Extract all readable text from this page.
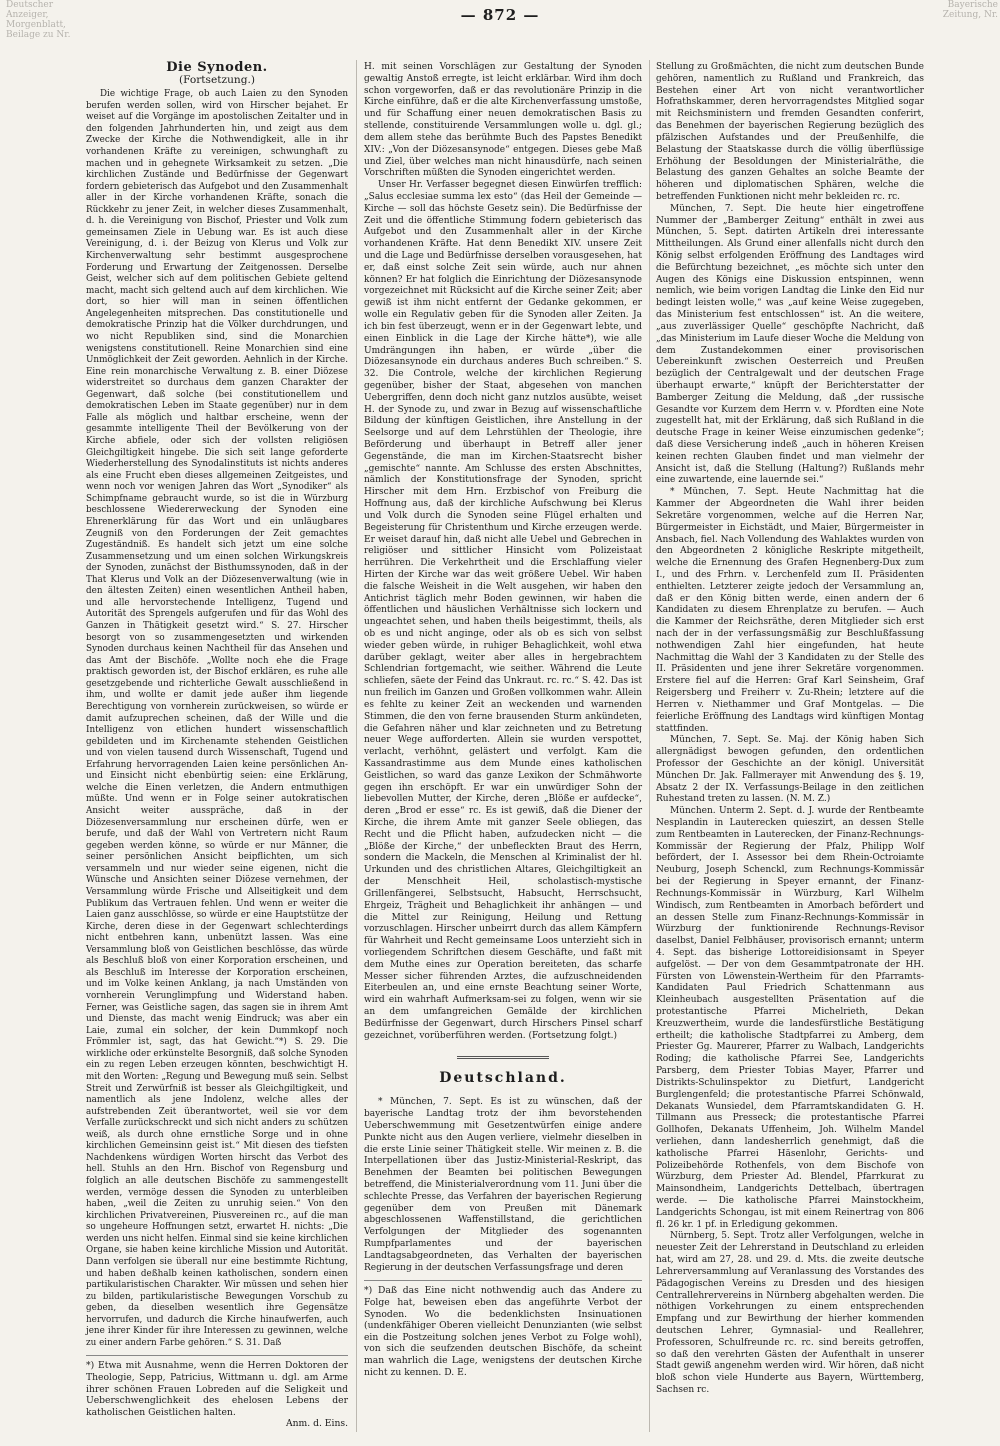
Deutscher Anzeiger, Morgenblatt, Beilage zu Nr.
Bayerische Zeitung, Nr.
— 872 —
Die Synoden.
(Fortsetzung.)

Die wichtige Frage, ob auch Laien zu den Synoden berufen werden sollen, wird von Hirscher bejahet. Er weiset auf die Vorgänge im apostolischen Zeitalter und in den folgenden Jahrhunderten hin, und zeigt aus dem Zwecke der Kirche die Nothwendigkeit, alle in ihr vorhandenen Kräfte zu vereinigen, schwunghaft zu machen und in gehegnete Wirksamkeit zu setzen. „Die kirchlichen Zustände und Bedürfnisse der Gegenwart fordern gebieterisch das Aufgebot und den Zusammenhalt aller in der Kirche vorhandenen Kräfte, sonach die Rückkehr zu jener Zeit, in welcher dieses Zusammenhalt, d. h. die Vereinigung von Bischof, Priester und Volk zum gemeinsamen Ziele in Uebung war. Es ist auch diese Vereinigung, d. i. der Beizug von Klerus und Volk zur Kirchenverwaltung sehr bestimmt ausgesprochene Forderung und Erwartung der Zeitgenossen. Derselbe Geist, welcher sich auf dem politischen Gebiete geltend macht, macht sich geltend auch auf dem kirchlichen. Wie dort, so hier will man in seinen öffentlichen Angelegenheiten mitsprechen. Das constitutionelle und demokratische Prinzip hat die Völker durchdrungen, und wo nicht Republiken sind, sind die Monarchien wenigstens constitutionell. Reine Monarchien sind eine Unmöglichkeit der Zeit geworden. Aehnlich in der Kirche. Eine rein monarchische Verwaltung z. B. einer Diözese widerstreitet so durchaus dem ganzen Charakter der Gegenwart, daß solche (bei constitutionellem und demokratischen Leben im Staate gegenüber) nur in dem Falle als möglich und haltbar erscheine, wenn der gesammte intelligente Theil der Bevölkerung von der Kirche abfiele, oder sich der vollsten religiösen Gleichgiltigkeit hingebe. Die sich seit lange geforderte Wiederherstellung des Synodalinstituts ist nichts anderes als eine Frucht eben dieses allgemeinen Zeitgeistes, und wenn noch vor wenigen Jahren das Wort „Synodiker“ als Schimpfname gebraucht wurde, so ist die in Würzburg beschlossene Wiedererweckung der Synoden eine Ehrenerklärung für das Wort und ein unläugbares Zeugniß von den Forderungen der Zeit gemachtes Zugeständniß. Es handelt sich jetzt um eine solche Zusammensetzung und um einen solchen Wirkungskreis der Synoden, zunächst der Bisthumssynoden, daß in der That Klerus und Volk an der Diözesenverwaltung (wie in den ältesten Zeiten) einen wesentlichen Antheil haben, und alle hervorstechende Intelligenz, Tugend und Autorität des Sprengels aufgerufen und für das Wohl des Ganzen in Thätigkeit gesetzt wird.“ S. 27. Hirscher besorgt von so zusammengesetzten und wirkenden Synoden durchaus keinen Nachtheil für das Ansehen und das Amt der Bischöfe. „Wollte noch ehe die Frage praktisch geworden ist, der Bischof erklären, es ruhe alle gesetzgebende und richterliche Gewalt ausschließend in ihm, und wollte er damit jede außer ihm liegende Berechtigung von vornherein zurückweisen, so würde er damit aufzuprechen scheinen, daß der Wille und die Intelligenz von etlichen hundert wissenschaftlich gebildeten und im Kirchenamte stehenden Geistlichen und von vielen tausend durch Wissenschaft, Tugend und Erfahrung hervorragenden Laien keine persönlichen An- und Einsicht nicht ebenbürtig seien: eine Erklärung, welche die Einen verletzen, die Andern entmuthigen müßte. Und wenn er in Folge seiner autokratischen Ansicht weiter ausspräche, daß in der Diözesenversammlung nur erscheinen dürfe, wen er berufe, und daß der Wahl von Vertretern nicht Raum gegeben werden könne, so würde er nur Männer, die seiner persönlichen Ansicht beipflichten, um sich versammeln und nur wieder seine eigenen, nicht die Wünsche und Ansichten seiner Diözese vernehmen, der Versammlung würde Frische und Allseitigkeit und dem Publikum das Vertrauen fehlen. Und wenn er weiter die Laien ganz ausschlösse, so würde er eine Hauptstütze der Kirche, deren diese in der Gegenwart schlechterdings nicht entbehren kann, unbenützt lassen. Was eine Versammlung bloß von Geistlichen beschlösse, das würde als Beschluß bloß von einer Korporation erscheinen, und als Beschluß im Interesse der Korporation erscheinen, und im Volke keinen Anklang, ja nach Umständen von vornherein Verunglimpfung und Widerstand haben. Ferner, was Geistliche sagen, das sagen sie in ihrem Amt und Dienste, das macht wenig Eindruck; was aber ein Laie, zumal ein solcher, der kein Dummkopf noch Frömmler ist, sagt, das hat Gewicht.“*) S. 29. Die wirkliche oder erkünstelte Besorgniß, daß solche Synoden ein zu regen Leben erzeugen könnten, beschwichtigt H. mit den Worten: „Regung und Bewegung muß sein. Selbst Streit und Zerwürfniß ist besser als Gleichgiltigkeit, und namentlich als jene Indolenz, welche alles der aufstrebenden Zeit überantwortet, weil sie vor dem Verfalle zurückschreckt und sich nicht anders zu schützen weiß, als durch ohne ernstliche Sorge und in ohne kirchlichen Gemeinsinn geist ist.“ Mit diesen des tiefsten Nachdenkens würdigen Worten hirscht das Verbot des hell. Stuhls an den Hrn. Bischof von Regensburg und folglich an alle deutschen Bischöfe zu sammengestellt werden, vermöge dessen die Synoden zu unterbleiben haben, „weil die Zeiten zu unruhig seien.“ Von den kirchlichen Privatvereinen, Piusvereinen rc., auf die man so ungeheure Hoffnungen setzt, erwartet H. nichts: „Die werden uns nicht helfen. Einmal sind sie keine kirchlichen Organe, sie haben keine kirchliche Mission und Autorität. Dann verfolgen sie überall nur eine bestimmte Richtung, und haben deßhalb keinen katholischen, sondern einen partikularistischen Charakter. Wir müssen und sehen hier zu bilden, partikularistische Bewegungen Vorschub zu geben, da dieselben wesentlich ihre Gegensätze hervorrufen, und dadurch die Kirche hinaufwerfen, auch jene ihrer Kinder für ihre Interessen zu gewinnen, welche zu einer andern Farbe gehören.“ S. 31. Daß

*) Etwa mit Ausnahme, wenn die Herren Doktoren der Theologie, Sepp, Patricius, Wittmann u. dgl. am Arme ihrer schönen Frauen Lobreden auf die Seligkeit und Ueberschwenglichkeit des ehelosen Lebens der katholischen Geistlichen halten.
Anm. d. Eins.

H. mit seinen Vorschlägen zur Gestaltung der Synoden gewaltig Anstoß erregte, ist leicht erklärbar. Wird ihm doch schon vorgeworfen, daß er das revolutionäre Prinzip in die Kirche einführe, daß er die alte Kirchenverfassung umstoße, und für Schaffung einer neuen demokratischen Basis zu stellende, constituirende Versammlungen wolle u. dgl. gl.; dem allem stehe das berühmte Buch des Papstes Benedikt XIV.: „Von der Diözesansynode“ entgegen. Dieses gebe Maß und Ziel, über welches man nicht hinausdürfe, nach seinen Vorschriften müßten die Synoden eingerichtet werden.

Unser Hr. Verfasser begegnet diesen Einwürfen trefflich: „Salus ecclesiae summa lex esto“ (das Heil der Gemeinde — Kirche — soll das höchste Gesetz sein). Die Bedürfnisse der Zeit und die öffentliche Stimmung fodern gebieterisch das Aufgebot und den Zusammenhalt aller in der Kirche vorhandenen Kräfte. Hat denn Benedikt XIV. unsere Zeit und die Lage und Bedürfnisse derselben vorausgesehen, hat er, daß einst solche Zeit sein würde, auch nur ahnen können? Er hat folglich die Einrichtung der Diözesansynode vorgezeichnet mit Rücksicht auf die Kirche seiner Zeit; aber gewiß ist ihm nicht entfernt der Gedanke gekommen, er wolle ein Regulativ geben für die Synoden aller Zeiten. Ja ich bin fest überzeugt, wenn er in der Gegenwart lebte, und einen Einblick in die Lage der Kirche hätte*), wie alle Umdrängungen ihn haben, er würde „über die Diözesansynode ein durchaus anderes Buch schreiben.“ S. 32. Die Controle, welche der kirchlichen Regierung gegenüber, bisher der Staat, abgesehen von manchen Uebergriffen, denn doch nicht ganz nutzlos ausübte, weiset H. der Synode zu, und zwar in Bezug auf wissenschaftliche Bildung der künftigen Geistlichen, ihre Anstellung in der Seelsorge und auf dem Lehrstühlen der Theologie, ihre Beförderung und überhaupt in Betreff aller jener Gegenstände, die man im Kirchen-Staatsrecht bisher „gemischte“ nannte. Am Schlusse des ersten Abschnittes, nämlich der Konstitutionsfrage der Synoden, spricht Hirscher mit dem Hrn. Erzbischof von Freiburg die Hoffnung aus, daß der kirchliche Aufschwung bei Klerus und Volk durch die Synoden seine Flügel erhalten und Begeisterung für Christenthum und Kirche erzeugen werde. Er weiset darauf hin, daß nicht alle Uebel und Gebrechen in religiöser und sittlicher Hinsicht vom Polizeistaat herrühren. Die Verkehrtheit und die Erschlaffung vieler Hirten der Kirche war das weit größere Uebel. Wir haben die falsche Weisheit in die Welt ausgehen, wir haben den Antichrist täglich mehr Boden gewinnen, wir haben die öffentlichen und häuslichen Verhältnisse sich lockern und ungeachtet sehen, und haben theils beigestimmt, theils, als ob es und nicht anginge, oder als ob es sich von selbst wieder geben würde, in ruhiger Behaglichkeit, wohl etwa darüber geklagt, weiter aber alles in hergebrachtem Schlendrian fortgemacht, wie seither. Während die Leute schliefen, säete der Feind das Unkraut. rc. rc.“ S. 42. Das ist nun freilich im Ganzen und Großen vollkommen wahr. Allein es fehlte zu keiner Zeit an weckenden und warnenden Stimmen, die den von ferne brausenden Sturm ankündeten, die Gefahren näher und klar zeichneten und zu Betretung neuer Wege aufforderten. Allein sie wurden verspottet, verlacht, verhöhnt, gelästert und verfolgt. Kam die Kassandrastimme aus dem Munde eines katholischen Geistlichen, so ward das ganze Lexikon der Schmähworte gegen ihn erschöpft. Er war ein unwürdiger Sohn der liebevollen Mutter, der Kirche, deren „Blöße er aufdecke“, deren „Brod er esse“ rc. Es ist gewiß, daß die Diener der Kirche, die ihrem Amte mit ganzer Seele obliegen, das Recht und die Pflicht haben, aufzudecken nicht — die „Blöße der Kirche,“ der unbefleckten Braut des Herrn, sondern die Mackeln, die Menschen al Kriminalist der hl. Urkunden und des christlichen Altares, Gleichgiltigkeit an der Menschheit Heil, scholastisch-mystische Grillenfängerei, Selbstsucht, Habsucht, Herrschsucht, Ehrgeiz, Trägheit und Behaglichkeit ihr anhängen — und die Mittel zur Reinigung, Heilung und Rettung vorzuschlagen. Hirscher unbeirrt durch das allem Kämpfern für Wahrheit und Recht gemeinsame Loos unterzieht sich in vorliegendem Schriftchen diesem Geschäfte, und faßt mit dem Muthe eines zur Operation bereiteten, das scharfe Messer sicher führenden Arztes, die aufzuschneidenden Eiterbeulen an, und eine ernste Beachtung seiner Worte, wird ein wahrhaft Aufmerksam-sei zu folgen, wenn wir sie an dem umfangreichen Gemälde der kirchlichen Bedürfnisse der Gegenwart, durch Hirschers Pinsel scharf gezeichnet, vorüberführen werden. (Fortsetzung folgt.)

Deutschland.

* München, 7. Sept. Es ist zu wünschen, daß der bayerische Landtag trotz der ihm bevorstehenden Ueberschwemmung mit Gesetzentwürfen einige andere Punkte nicht aus den Augen verliere, vielmehr dieselben in die erste Linie seiner Thätigkeit stelle. Wir meinen z. B. die Interpellationen über das Justiz-Ministerial-Reskript, das Benehmen der Beamten bei politischen Bewegungen betreffend, die Ministerialverordnung vom 11. Juni über die schlechte Presse, das Verfahren der bayerischen Regierung gegenüber dem von Preußen mit Dänemark abgeschlossenen Waffenstillstand, die gerichtlichen Verfolgungen der Mitglieder des sogenannten Rumpfparlamentes und der bayerischen Landtagsabgeordneten, das Verhalten der bayerischen Regierung in der deutschen Verfassungsfrage und deren

*) Daß das Eine nicht nothwendig auch das Andere zu Folge hat, beweisen eben das angeführte Verbot der Synoden. Wo die bedenklichsten Insinuationen (undenkfähiger Oberen vielleicht Denunzianten (wie selbst ein die Postzeitung solchen jenes Verbot zu Folge wohl), von sich die seufzenden deutschen Bischöfe, da scheint man wahrlich die Lage, wenigstens der deutschen Kirche nicht zu kennen. D. E.

Stellung zu Großmächten, die nicht zum deutschen Bunde gehören, namentlich zu Rußland und Frankreich, das Bestehen einer Art von nicht verantwortlicher Hofrathskammer, deren hervorragendstes Mitglied sogar mit Reichsministern und fremden Gesandten conferirt, das Benehmen der bayerischen Regierung bezüglich des pfälzischen Aufstandes und der Preußenhilfe, die Belastung der Staatskasse durch die völlig überflüssige Erhöhung der Besoldungen der Ministerialräthe, die Belastung des ganzen Gehaltes an solche Beamte der höheren und diplomatischen Sphären, welche die betreffenden Funktionen nicht mehr bekleiden rc. rc.

München, 7. Sept. Die heute hier eingetroffene Nummer der „Bamberger Zeitung“ enthält in zwei aus München, 5. Sept. datirten Artikeln drei interessante Mittheilungen. Als Grund einer allenfalls nicht durch den König selbst erfolgenden Eröffnung des Landtages wird die Befürchtung bezeichnet, „es möchte sich unter den Augen des Königs eine Diskussion entspinnen, wenn nemlich, wie beim vorigen Landtag die Linke den Eid nur bedingt leisten wolle,“ was „auf keine Weise zugegeben, das Ministerium fest entschlossen“ ist. An die weitere, „aus zuverlässiger Quelle“ geschöpfte Nachricht, daß „das Ministerium im Laufe dieser Woche die Meldung von dem Zustandekommen einer provisorischen Uebereinkunft zwischen Oesterreich und Preußen bezüglich der Centralgewalt und der deutschen Frage überhaupt erwarte,“ knüpft der Berichterstatter der Bamberger Zeitung die Meldung, daß „der russische Gesandte vor Kurzem dem Herrn v. v. Pfordten eine Note zugestellt hat, mit der Erklärung, daß sich Rußland in die deutsche Frage in keiner Weise einzumischen gedenke“; daß diese Versicherung indeß „auch in höheren Kreisen keinen rechten Glauben findet und man vielmehr der Ansicht ist, daß die Stellung (Haltung?) Rußlands mehr eine zuwartende, eine lauernde sei.“

* München, 7. Sept. Heute Nachmittag hat die Kammer der Abgeordneten die Wahl ihrer beiden Sekretäre vorgenommen, welche auf die Herren Nar, Bürgermeister in Eichstädt, und Maier, Bürgermeister in Ansbach, fiel. Nach Vollendung des Wahlaktes wurden von den Abgeordneten 2 königliche Reskripte mitgetheilt, welche die Ernennung des Grafen Hegnenberg-Dux zum I., und des Frhrn. v. Lerchenfeld zum II. Präsidenten enthielten. Letzterer zeigte jedoch der Versammlung an, daß er den König bitten werde, einen andern der 6 Kandidaten zu diesem Ehrenplatze zu berufen. — Auch die Kammer der Reichsräthe, deren Mitglieder sich erst nach der in der verfassungsmäßig zur Beschlußfassung nothwendigen Zahl hier eingefunden, hat heute Nachmittag die Wahl der 3 Kandidaten zu der Stelle des II. Präsidenten und jene ihrer Sekretäre vorgenommen. Erstere fiel auf die Herren: Graf Karl Seinsheim, Graf Reigersberg und Freiherr v. Zu-Rhein; letztere auf die Herren v. Niethammer und Graf Montgelas. — Die feierliche Eröffnung des Landtags wird künftigen Montag stattfinden.

München, 7. Sept. Se. Maj. der König haben Sich allergnädigst bewogen gefunden, den ordentlichen Professor der Geschichte an der königl. Universität München Dr. Jak. Fallmerayer mit Anwendung des §. 19, Absatz 2 der IX. Verfassungs-Beilage in den zeitlichen Ruhestand treten zu lassen. (N. M. Z.)

München. Unterm 2. Sept. d. J. wurde der Rentbeamte Nesplandin in Lauterecken quieszirt, an dessen Stelle zum Rentbeamten in Lauterecken, der Finanz-Rechnungs-Kommissär der Regierung der Pfalz, Philipp Wolf befördert, der I. Assessor bei dem Rhein-Octroiamte Neuburg, Joseph Schenckl, zum Rechnungs-Kommissär bei der Regierung in Speyer ernannt, der Finanz-Rechnungs-Kommissär in Würzburg, Karl Wilhelm Windisch, zum Rentbeamten in Amorbach befördert und an dessen Stelle zum Finanz-Rechnungs-Kommissär in Würzburg der funktionirende Rechnungs-Revisor daselbst, Daniel Felbhäuser, provisorisch ernannt; unterm 4. Sept. das bisherige Lottoreidisionsamt in Speyer aufgelöst. — Der von dem Gesammtpatronate der HH. Fürsten von Löwenstein-Wertheim für den Pfarramts-Kandidaten Paul Friedrich Schattenmann aus Kleinheubach ausgestellten Präsentation auf die protestantische Pfarrei Michelrieth, Dekan Kreuzwertheim, wurde die landesfürstliche Bestätigung ertheilt; die katholische Stadtpfarrei zu Amberg, dem Priester Gg. Maurerer, Pfarrer zu Walbach, Landgerichts Roding; die katholische Pfarrei See, Landgerichts Parsberg, dem Priester Tobias Mayer, Pfarrer und Distrikts-Schulinspektor zu Dietfurt, Landgericht Burglengenfeld; die protestantische Pfarrei Schönwald, Dekanats Wunsiedel, dem Pfarramtskandidaten G. H. Tillmann aus Presseck; die protestantische Pfarrei Gollhofen, Dekanats Uffenheim, Joh. Wilhelm Mandel verliehen, dann landesherrlich genehmigt, daß die katholische Pfarrei Häsenlohr, Gerichts- und Polizeibehörde Rothenfels, von dem Bischofe von Würzburg, dem Priester Ad. Blendel, Pfarrkurat zu Mainsondheim, Landgerichts Dettelbach, übertragen werde. — Die katholische Pfarrei Mainstockheim, Landgerichts Schongau, ist mit einem Reinertrag von 806 fl. 26 kr. 1 pf. in Erledigung gekommen.

Nürnberg, 5. Sept. Trotz aller Verfolgungen, welche in neuester Zeit der Lehrerstand in Deutschland zu erleiden hat, wird am 27, 28. und 29. d. Mts. die zweite deutsche Lehrerversammlung auf Veranlassung des Vorstandes des Pädagogischen Vereins zu Dresden und des hiesigen Centrallehrervereins in Nürnberg abgehalten werden. Die nöthigen Vorkehrungen zu einem entsprechenden Empfang und zur Bewirthung der hierher kommenden deutschen Lehrer, Gymnasial- und Reallehrer, Professoren, Schulfreunde rc. rc. sind bereits getroffen, so daß den verehrten Gästen der Aufenthalt in unserer Stadt gewiß angenehm werden wird. Wir hören, daß nicht bloß schon viele Hunderte aus Bayern, Württemberg, Sachsen rc.
